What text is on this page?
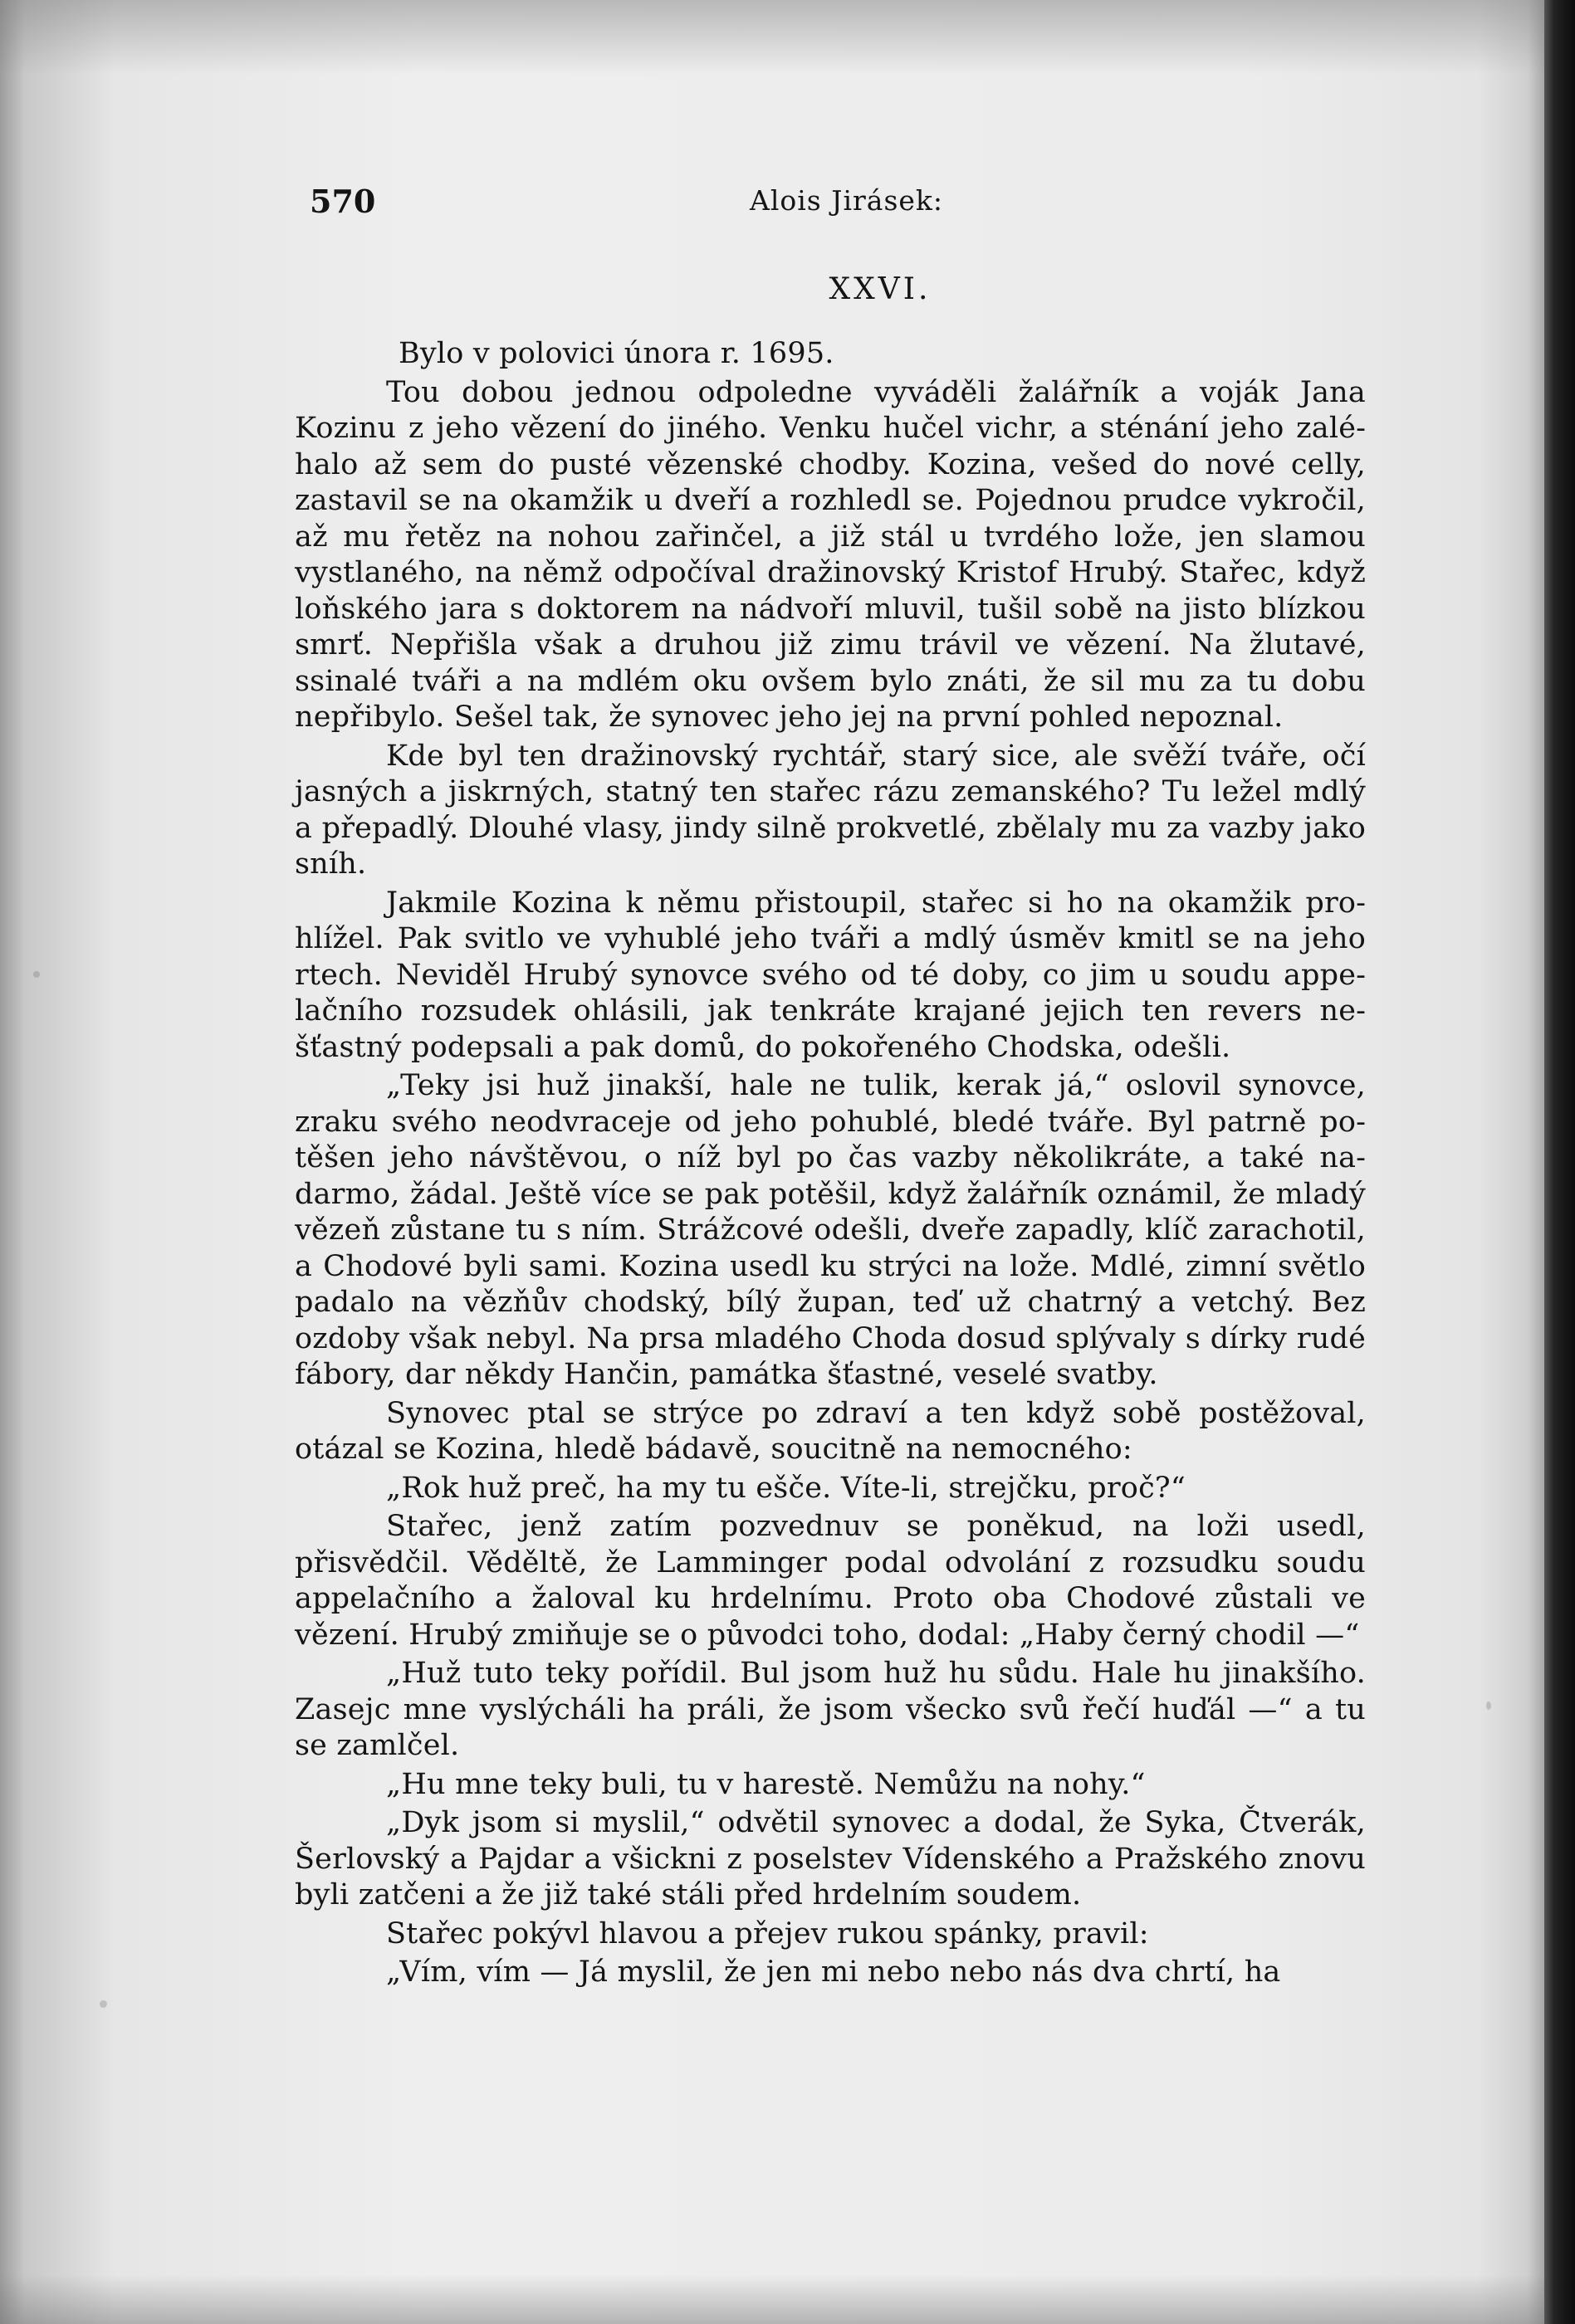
570	Alois Jirásek:
XXVI.

Bylo v polovici února r. 1695.

Tou dobou jednou odpoledne vyváděli žalářník a voják Jana Kozinu z jeho vězení do jiného. Venku hučel vichr, a sténání jeho zaléhalo až sem do pusté vězenské chodby. Kozina, vešed do nové celly, zastavil se na okamžik u dveří a rozhledl se. Pojednou prudce vykročil, až mu řetěz na nohou zařinčel, a již stál u tvrdého lože, jen slamou vystlaného, na němž odpočíval dražinovský Kristof Hrubý. Stařec, když loňského jara s doktorem na nádvoří mluvil, tušil sobě na jisto blízkou smrť. Nepřišla však a druhou již zimu trávil ve vězení. Na žlutavé, ssinalé tváři a na mdlém oku ovšem bylo znáti, že sil mu za tu dobu nepřibylo. Sešel tak, že synovec jeho jej na první pohled nepoznal.

Kde byl ten dražinovský rychtář, starý sice, ale svěží tváře, očí jasných a jiskrných, statný ten stařec rázu zemanského? Tu ležel mdlý a přepadlý. Dlouhé vlasy, jindy silně prokvetlé, zbělaly mu za vazby jako sníh.

Jakmile Kozina k němu přistoupil, stařec si ho na okamžik prohlížel. Pak svitlo ve vyhublé jeho tváři a mdlý úsměv kmitl se na jeho rtech. Neviděl Hrubý synovce svého od té doby, co jim u soudu appelačního rozsudek ohlásili, jak tenkráte krajané jejich ten revers nešťastný podepsali a pak domů, do pokořeného Chodska, odešli.

„Teky jsi huž jinakší, hale ne tulik, kerak já,“ oslovil synovce, zraku svého neodvraceje od jeho pohublé, bledé tváře. Byl patrně potěšen jeho návštěvou, o níž byl po čas vazby několikráte, a také nadarmo, žádal. Ještě více se pak potěšil, když žalářník oznámil, že mladý vězeň zůstane tu s ním. Strážcové odešli, dveře zapadly, klíč zarachotil, a Chodové byli sami. Kozina usedl ku strýci na lože. Mdlé, zimní světlo padalo na vězňův chodský, bílý župan, teď už chatrný a vetchý. Bez ozdoby však nebyl. Na prsa mladého Choda dosud splývaly s dírky rudé fábory, dar někdy Hančin, památka šťastné, veselé svatby.

Synovec ptal se strýce po zdraví a ten když sobě postěžoval, otázal se Kozina, hledě bádavě, soucitně na nemocného:

„Rok huž preč, ha my tu ešče. Víte-li, strejčku, proč?“

Stařec, jenž zatím pozvednuv se poněkud, na loži usedl, přisvědčil. Věděltě, že Lamminger podal odvolání z rozsudku soudu appelačního a žaloval ku hrdelnímu. Proto oba Chodové zůstali ve vězení. Hrubý zmiňuje se o původci toho, dodal: „Haby černý chodil —“

„Huž tuto teky pořídil. Bul jsom huž hu sůdu. Hale hu jinakšího. Zasejc mne vyslýcháli ha práli, že jsom všecko svů řečí huďál —“ a tu se zamlčel.

„Hu mne teky buli, tu v harestě. Nemůžu na nohy.“

„Dyk jsom si myslil,“ odvětil synovec a dodal, že Syka, Čtverák, Šerlovský a Pajdar a všickni z poselstev Vídenského a Pražského znovu byli zatčeni a že již také stáli před hrdelním soudem.

Stařec pokývl hlavou a přejev rukou spánky, pravil:

„Vím, vím — Já myslil, že jen mi nebo nebo nás dva chrtí, ha
